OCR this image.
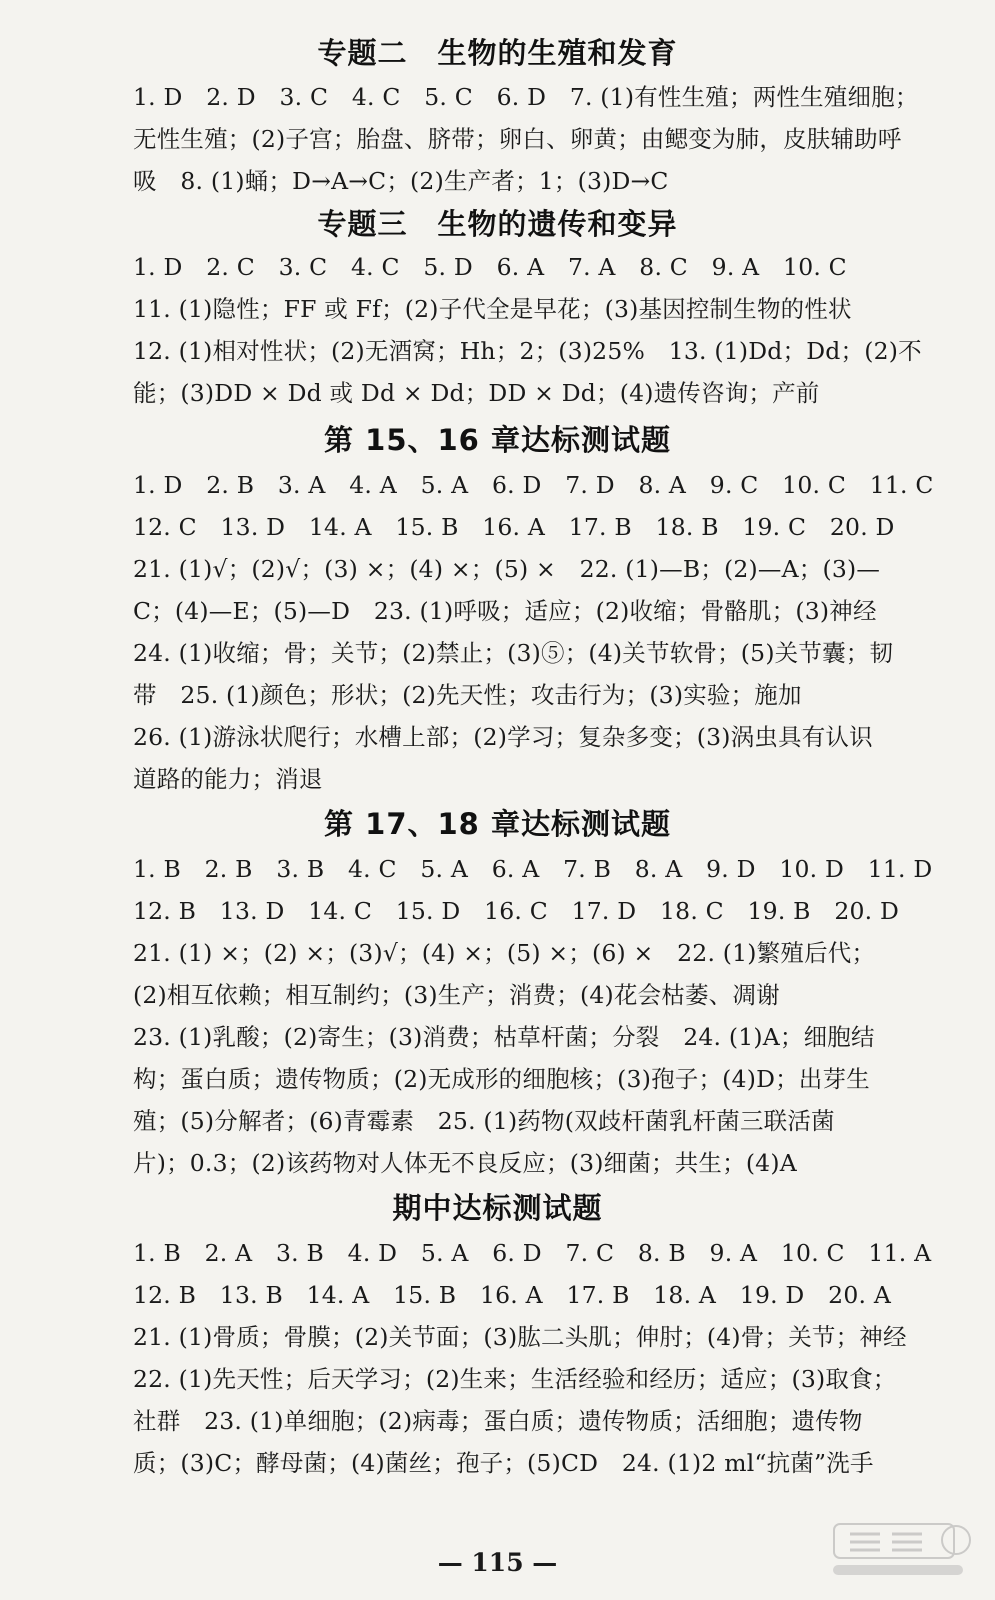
专题二　生物的生殖和发育

1. D　2. D　3. C　4. C　5. C　6. D　7. (1)有性生殖；两性生殖细胞；

无性生殖；(2)子宫；胎盘、脐带；卵白、卵黄；由鳃变为肺，皮肤辅助呼

吸　8. (1)蛹；D→A→C；(2)生产者；1；(3)D→C

专题三　生物的遗传和变异

1. D　2. C　3. C　4. C　5. D　6. A　7. A　8. C　9. A　10. C

11. (1)隐性；FF 或 Ff；(2)子代全是早花；(3)基因控制生物的性状

12. (1)相对性状；(2)无酒窝；Hh；2；(3)25%　13. (1)Dd；Dd；(2)不

能；(3)DD × Dd 或 Dd × Dd；DD × Dd；(4)遗传咨询；产前

第 15、16 章达标测试题

1. D　2. B　3. A　4. A　5. A　6. D　7. D　8. A　9. C　10. C　11. C

12. C　13. D　14. A　15. B　16. A　17. B　18. B　19. C　20. D

21. (1)√；(2)√；(3) ×；(4) ×；(5) ×　22. (1)—B；(2)—A；(3)—

C；(4)—E；(5)—D　23. (1)呼吸；适应；(2)收缩；骨骼肌；(3)神经

24. (1)收缩；骨；关节；(2)禁止；(3)⑤；(4)关节软骨；(5)关节囊；韧

带　25. (1)颜色；形状；(2)先天性；攻击行为；(3)实验；施加

26. (1)游泳状爬行；水槽上部；(2)学习；复杂多变；(3)涡虫具有认识

道路的能力；消退

第 17、18 章达标测试题

1. B　2. B　3. B　4. C　5. A　6. A　7. B　8. A　9. D　10. D　11. D

12. B　13. D　14. C　15. D　16. C　17. D　18. C　19. B　20. D

21. (1) ×；(2) ×；(3)√；(4) ×；(5) ×；(6) ×　22. (1)繁殖后代；

(2)相互依赖；相互制约；(3)生产；消费；(4)花会枯萎、凋谢

23. (1)乳酸；(2)寄生；(3)消费；枯草杆菌；分裂　24. (1)A；细胞结

构；蛋白质；遗传物质；(2)无成形的细胞核；(3)孢子；(4)D；出芽生

殖；(5)分解者；(6)青霉素　25. (1)药物(双歧杆菌乳杆菌三联活菌

片)；0.3；(2)该药物对人体无不良反应；(3)细菌；共生；(4)A

期中达标测试题

1. B　2. A　3. B　4. D　5. A　6. D　7. C　8. B　9. A　10. C　11. A

12. B　13. B　14. A　15. B　16. A　17. B　18. A　19. D　20. A

21. (1)骨质；骨膜；(2)关节面；(3)肱二头肌；伸肘；(4)骨；关节；神经

22. (1)先天性；后天学习；(2)生来；生活经验和经历；适应；(3)取食；

社群　23. (1)单细胞；(2)病毒；蛋白质；遗传物质；活细胞；遗传物

质；(3)C；酵母菌；(4)菌丝；孢子；(5)CD　24. (1)2 ml“抗菌”洗手

— 115 —
